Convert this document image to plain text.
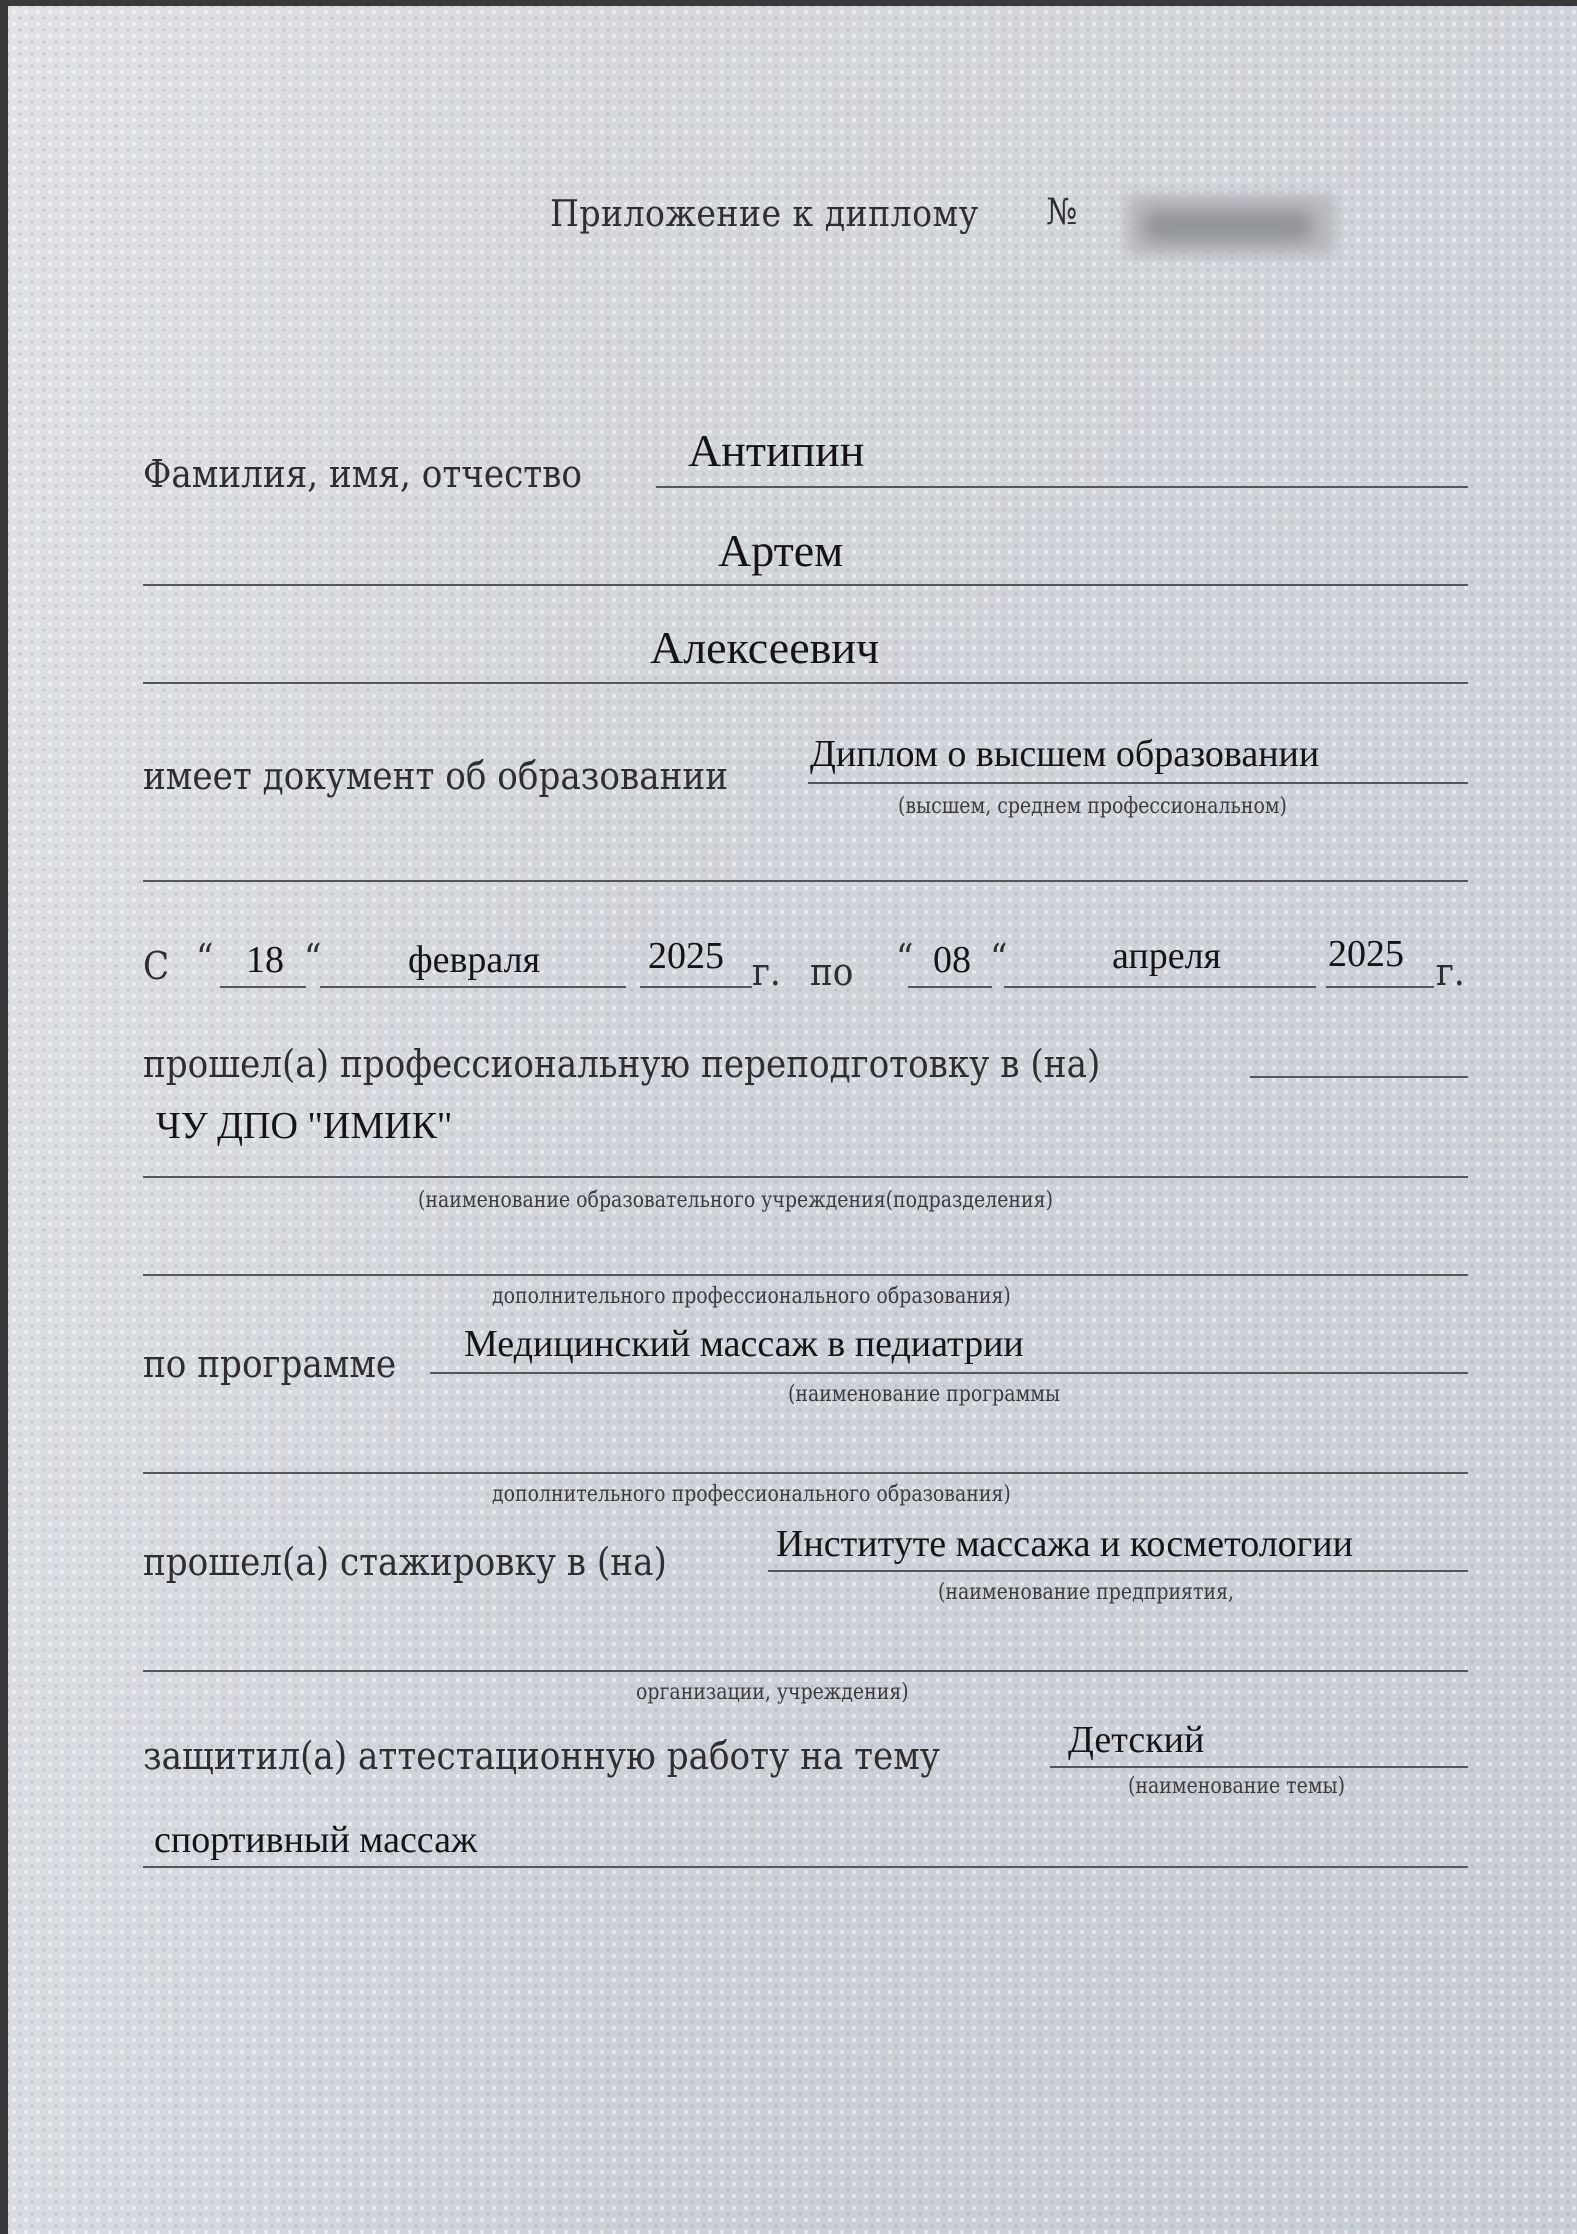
Приложение к диплому №
Фамилия, имя, отчество Антипин
Артем
Алексеевич
имеет документ об образовании Диплом о высшем образовании
(высшем, среднем профессиональном)
С “ 18 “ февраля	2025 г. по “ 08 “	апреля	2025 г.
прошел(а) профессиональную переподготовку в (на)
ЧУ ДПО "ИМИК"
(наименование образовательного учреждения(подразделения)
дополнительного профессионального образования)
по программе Медицинский массаж в педиатрии
(наименование программы
дополнительного профессионального образования)
прошел(а) стажировку в (на)	Институте массажа и косметологии
(наименование предприятия,
организации, учреждения)
защитил(а) аттестационную работу на тему	Детский
(наименование темы)
спортивный массаж
